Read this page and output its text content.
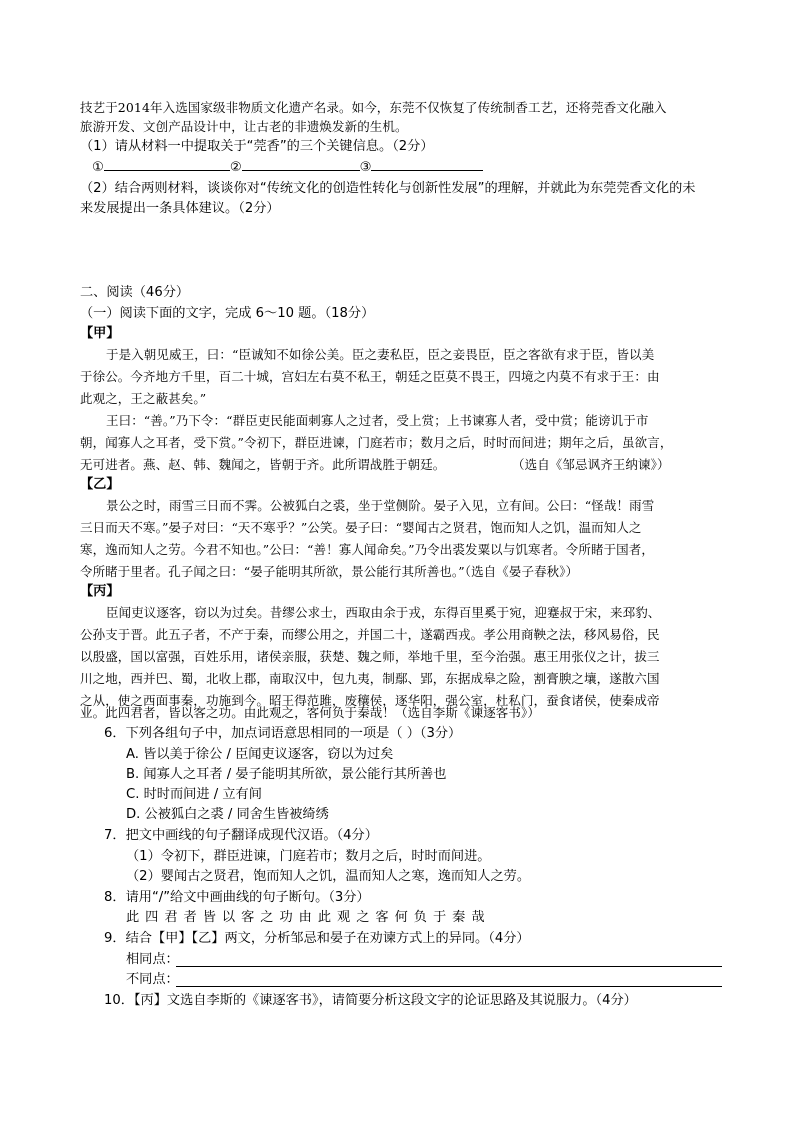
技艺于2014年入选国家级非物质文化遗产名录。如今，东莞不仅恢复了传统制香工艺，还将莞香文化融入
旅游开发、文创产品设计中，让古老的非遗焕发新的生机。
（1）请从材料一中提取关于“莞香”的三个关键信息。（2分）
①	②	③
（2）结合两则材料，谈谈你对“传统文化的创造性转化与创新性发展”的理解，并就此为东莞莞香文化的未
来发展提出一条具体建议。（2分）
二、阅读（46分）
（一）阅读下面的文字，完成 6～10 题。（18分）
【甲】
于是入朝见威王，曰：“臣诚知不如徐公美。臣之妻私臣，臣之妾畏臣，臣之客欲有求于臣，皆以美
于徐公。今齐地方千里，百二十城，宫妇左右莫不私王，朝廷之臣莫不畏王，四境之内莫不有求于王：由
此观之，王之蔽甚矣。”
王曰：“善。”乃下令：“群臣吏民能面刺寡人之过者，受上赏；上书谏寡人者，受中赏；能谤讥于市
朝，闻寡人之耳者，受下赏。”令初下，群臣进谏，门庭若市；数月之后，时时而间进；期年之后，虽欲言，
无可进者。燕、赵、韩、魏闻之，皆朝于齐。此所谓战胜于朝廷。	（选自《邹忌讽齐王纳谏》）
【乙】
景公之时，雨雪三日而不霁。公被狐白之裘，坐于堂侧阶。晏子入见，立有间。公曰：“怪哉！雨雪
三日而天不寒。”晏子对曰：“天不寒乎？”公笑。晏子曰：“婴闻古之贤君，饱而知人之饥，温而知人之
寒，逸而知人之劳。今君不知也。”公曰：“善！寡人闻命矣。”乃令出裘发粟以与饥寒者。令所睹于国者，
令所睹于里者。孔子闻之曰：“晏子能明其所欲，景公能行其所善也。”（选自《晏子春秋》）
【丙】
臣闻吏议逐客，窃以为过矣。昔缪公求士，西取由余于戎，东得百里奚于宛，迎蹇叔于宋，来邳豹、
公孙支于晋。此五子者，不产于秦，而缪公用之，并国二十，遂霸西戎。孝公用商鞅之法，移风易俗，民
以殷盛，国以富强，百姓乐用，诸侯亲服，获楚、魏之师，举地千里，至今治强。惠王用张仪之计，拔三
川之地，西并巴、蜀，北收上郡，南取汉中，包九夷，制鄢、郢，东据成皋之险，割膏腴之壤，遂散六国
之从，使之西面事秦，功施到今。昭王得范雎，废穰侯，逐华阳，强公室，杜私门，蚕食诸侯，使秦成帝
业。此四君者，皆以客之功。由此观之，客何负于秦哉！（选自李斯《谏逐客书》）
6．下列各组句子中，加点词语意思相同的一项是（ ）（3分）
A. 皆以美于徐公 / 臣闻吏议逐客，窃以为过矣
B. 闻寡人之耳者 / 晏子能明其所欲，景公能行其所善也
C. 时时而间进 / 立有间
D. 公被狐白之裘 / 同舍生皆被绮绣
7．把文中画线的句子翻译成现代汉语。（4分）
（1）令初下，群臣进谏，门庭若市；数月之后，时时而间进。
（2）婴闻古之贤君，饱而知人之饥，温而知人之寒，逸而知人之劳。
8．请用“/”给文中画曲线的句子断句。（3分）
此四君者皆以客之功由此观之客何负于秦哉
9．结合【甲】【乙】两文，分析邹忌和晏子在劝谏方式上的异同。（4分）
相同点：
不同点：
10．【丙】文选自李斯的《谏逐客书》，请简要分析这段文字的论证思路及其说服力。（4分）
